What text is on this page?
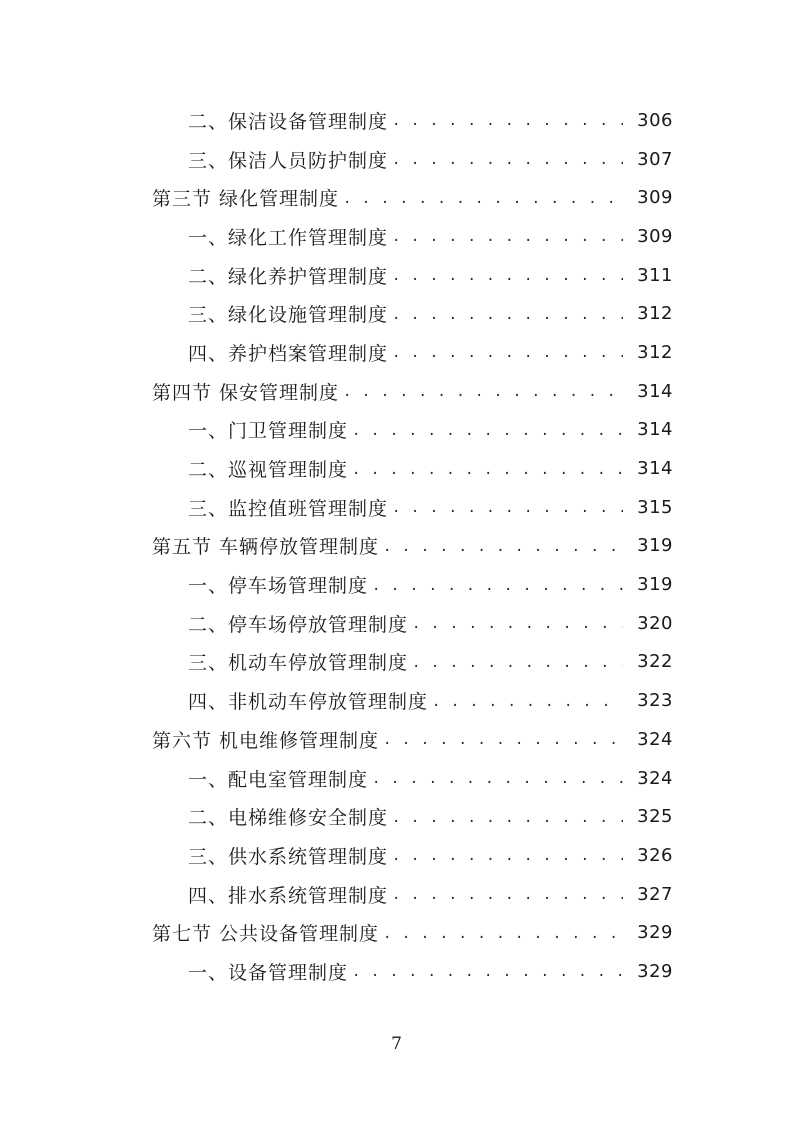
二、保洁设备管理制度 . . .	306
三、保洁人员防护制度 . . .	307
第三节 绿化管理制度 . . .	309
一、绿化工作管理制度 . . .	309
二、绿化养护管理制度 . . .	311
三、绿化设施管理制度 . . .	312
四、养护档案管理制度 . . .	312
第四节 保安管理制度 . . .	314
一、门卫管理制度 . . .	314
二、巡视管理制度 . . .	314
三、监控值班管理制度 . . .	315
第五节 车辆停放管理制度 . . .	319
一、停车场管理制度 . . .	319
二、停车场停放管理制度 . . .	320
三、机动车停放管理制度 . . .	322
四、非机动车停放管理制度 . . .	323
第六节 机电维修管理制度 . . .	324
一、配电室管理制度 . . .	324
二、电梯维修安全制度 . . .	325
三、供水系统管理制度 . . .	326
四、排水系统管理制度 . . .	327
第七节 公共设备管理制度 . . .	329
一、设备管理制度 . . .	329
7
